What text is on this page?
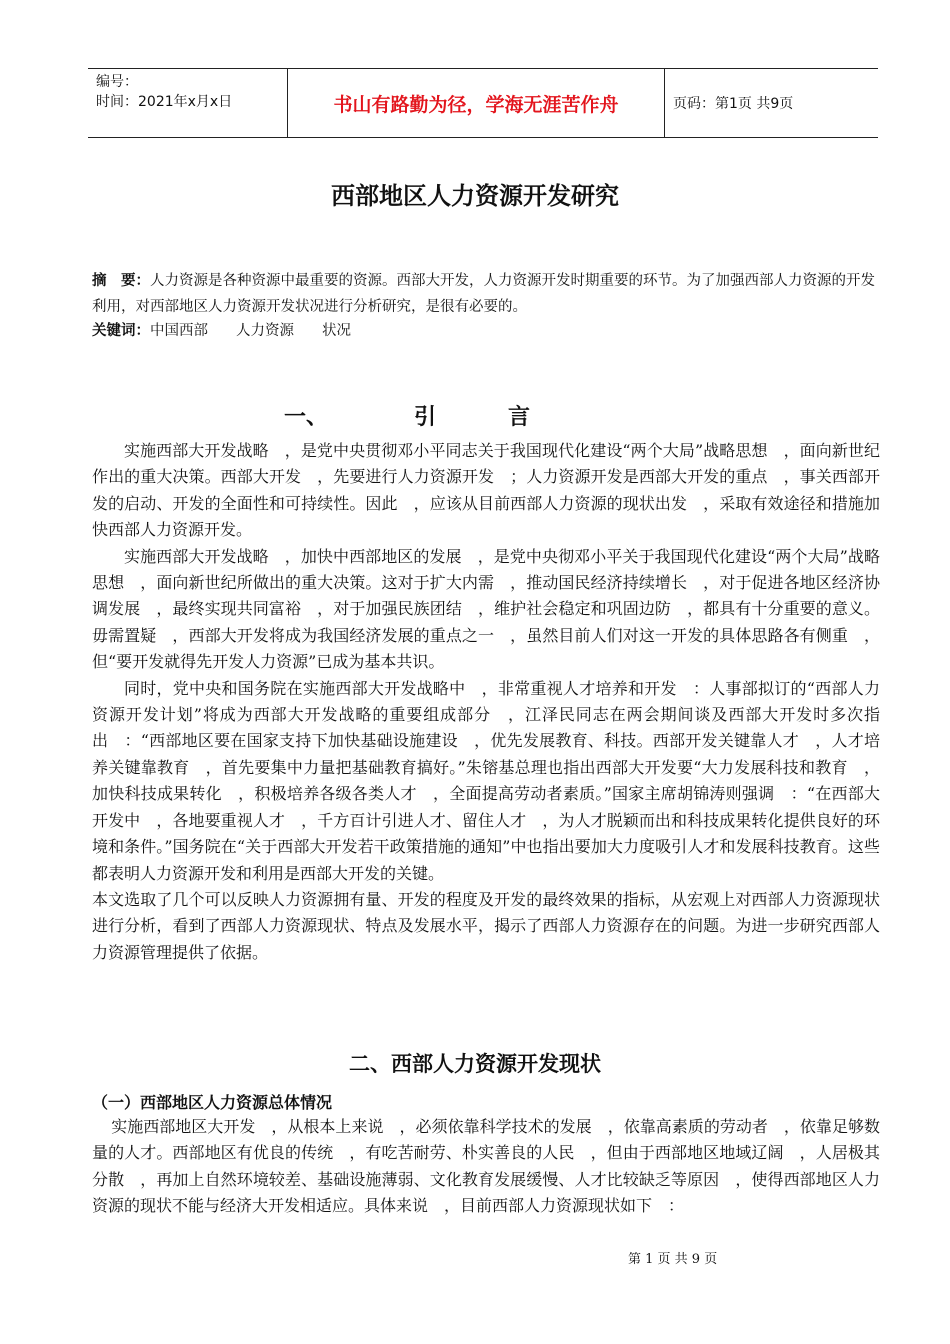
编号：
时间：2021年x月x日	书山有路勤为径，学海无涯苦作舟	页码：第1页 共9页
西部地区人力资源开发研究
摘　要：人力资源是各种资源中最重要的资源。西部大开发，人力资源开发时期重要的环节。为了加强西部人力资源的开发利用，对西部地区人力资源开发状况进行分析研究，是很有必要的。
关键词：中国西部 人力资源 状况
一、	引	言

实施西部大开发战略　，是党中央贯彻邓小平同志关于我国现代化建设“两个大局”战略思想　，面向新世纪作出的重大决策。西部大开发　，先要进行人力资源开发　；人力资源开发是西部大开发的重点　，事关西部开发的启动、开发的全面性和可持续性。因此　，应该从目前西部人力资源的现状出发　，采取有效途径和措施加快西部人力资源开发。

实施西部大开发战略　，加快中西部地区的发展　，是党中央彻邓小平关于我国现代化建设“两个大局”战略思想　，面向新世纪所做出的重大决策。这对于扩大内需　，推动国民经济持续增长　，对于促进各地区经济协调发展　，最终实现共同富裕　，对于加强民族团结　，维护社会稳定和巩固边防　，都具有十分重要的意义。毋需置疑　，西部大开发将成为我国经济发展的重点之一　，虽然目前人们对这一开发的具体思路各有侧重　，但“要开发就得先开发人力资源”已成为基本共识。

同时，党中央和国务院在实施西部大开发战略中　，非常重视人才培养和开发　：人事部拟订的“西部人力资源开发计划”将成为西部大开发战略的重要组成部分　，江泽民同志在两会期间谈及西部大开发时多次指出　：“西部地区要在国家支持下加快基础设施建设　，优先发展教育、科技。西部开发关键靠人才　，人才培养关键靠教育　，首先要集中力量把基础教育搞好。”朱镕基总理也指出西部大开发要“大力发展科技和教育　，加快科技成果转化　，积极培养各级各类人才　，全面提高劳动者素质。”国家主席胡锦涛则强调　：“在西部大开发中　，各地要重视人才　，千方百计引进人才、留住人才　，为人才脱颖而出和科技成果转化提供良好的环境和条件。”国务院在“关于西部大开发若干政策措施的通知”中也指出要加大力度吸引人才和发展科技教育。这些都表明人力资源开发和利用是西部大开发的关键。

本文选取了几个可以反映人力资源拥有量、开发的程度及开发的最终效果的指标，从宏观上对西部人力资源现状进行分析，看到了西部人力资源现状、特点及发展水平，揭示了西部人力资源存在的问题。为进一步研究西部人力资源管理提供了依据。

二、西部人力资源开发现状
（一）西部地区人力资源总体情况

实施西部地区大开发　，从根本上来说　，必须依靠科学技术的发展　，依靠高素质的劳动者　，依靠足够数量的人才。西部地区有优良的传统　，有吃苦耐劳、朴实善良的人民　，但由于西部地区地域辽阔　，人居极其分散　，再加上自然环境较差、基础设施薄弱、文化教育发展缓慢、人才比较缺乏等原因　，使得西部地区人力资源的现状不能与经济大开发相适应。具体来说　，目前西部人力资源现状如下　：

第 1 页 共 9 页
